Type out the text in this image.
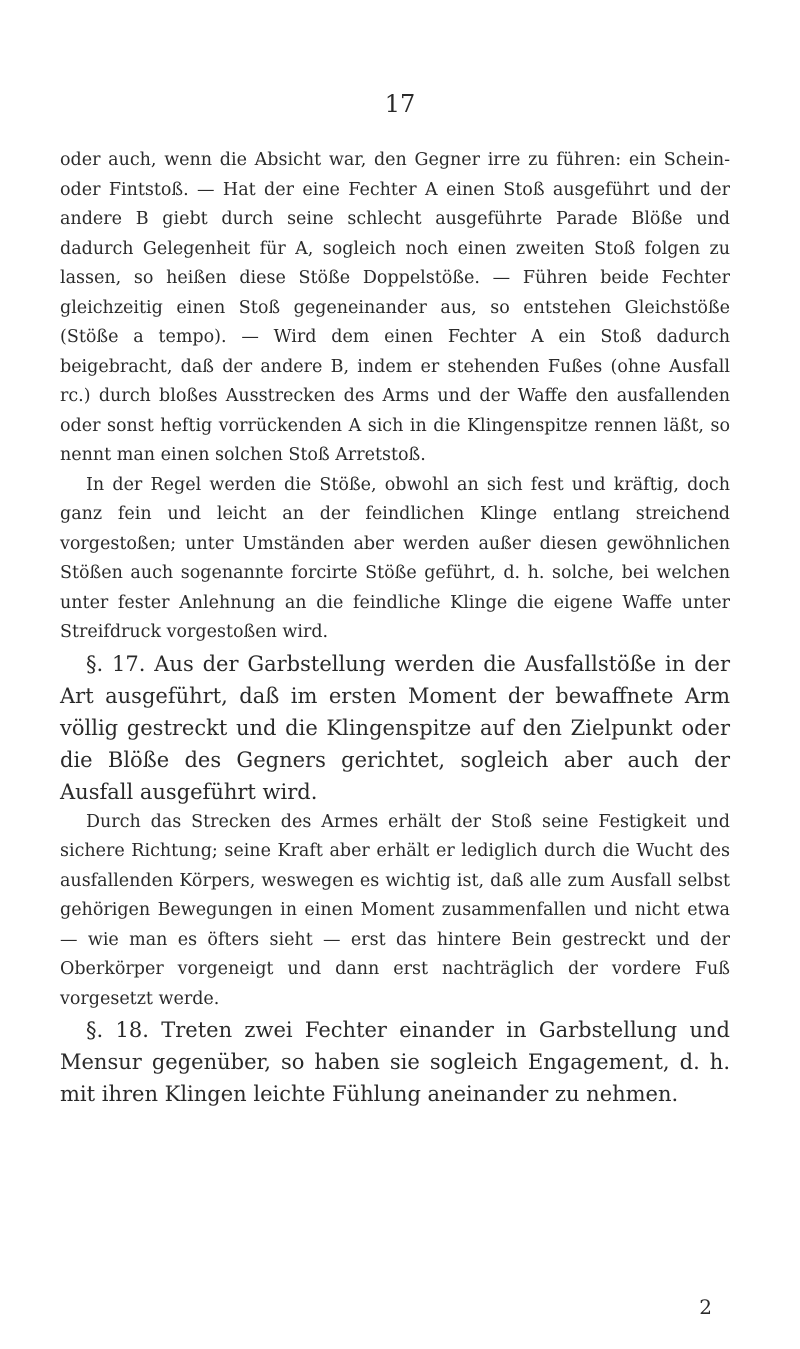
17

oder auch, wenn die Absicht war, den Gegner irre zu führen: ein Schein- oder Fintstoß. — Hat der eine Fechter A einen Stoß ausgeführt und der andere B giebt durch seine schlecht ausgeführte Parade Blöße und dadurch Gelegenheit für A, sogleich noch einen zweiten Stoß folgen zu lassen, so heißen diese Stöße Doppelstöße. — Führen beide Fechter gleichzeitig einen Stoß gegeneinander aus, so entstehen Gleichstöße (Stöße a tempo). — Wird dem einen Fechter A ein Stoß dadurch beigebracht, daß der andere B, indem er stehenden Fußes (ohne Ausfall rc.) durch bloßes Ausstrecken des Arms und der Waffe den ausfallenden oder sonst heftig vorrückenden A sich in die Klingenspitze rennen läßt, so nennt man einen solchen Stoß Arretstoß.

In der Regel werden die Stöße, obwohl an sich fest und kräftig, doch ganz fein und leicht an der feindlichen Klinge entlang streichend vorgestoßen; unter Umständen aber werden außer diesen gewöhnlichen Stößen auch sogenannte forcirte Stöße geführt, d. h. solche, bei welchen unter fester Anlehnung an die feindliche Klinge die eigene Waffe unter Streifdruck vorgestoßen wird.

§. 17. Aus der Garbstellung werden die Ausfallstöße in der Art ausgeführt, daß im ersten Moment der bewaffnete Arm völlig gestreckt und die Klingenspitze auf den Zielpunkt oder die Blöße des Gegners gerichtet, sogleich aber auch der Ausfall ausgeführt wird.

Durch das Strecken des Armes erhält der Stoß seine Festigkeit und sichere Richtung; seine Kraft aber erhält er lediglich durch die Wucht des ausfallenden Körpers, weswegen es wichtig ist, daß alle zum Ausfall selbst gehörigen Bewegungen in einen Moment zusammenfallen und nicht etwa — wie man es öfters sieht — erst das hintere Bein gestreckt und der Oberkörper vorgeneigt und dann erst nachträglich der vordere Fuß vorgesetzt werde.

§. 18. Treten zwei Fechter einander in Garbstellung und Mensur gegenüber, so haben sie sogleich Engagement, d. h. mit ihren Klingen leichte Fühlung aneinander zu nehmen.

2
